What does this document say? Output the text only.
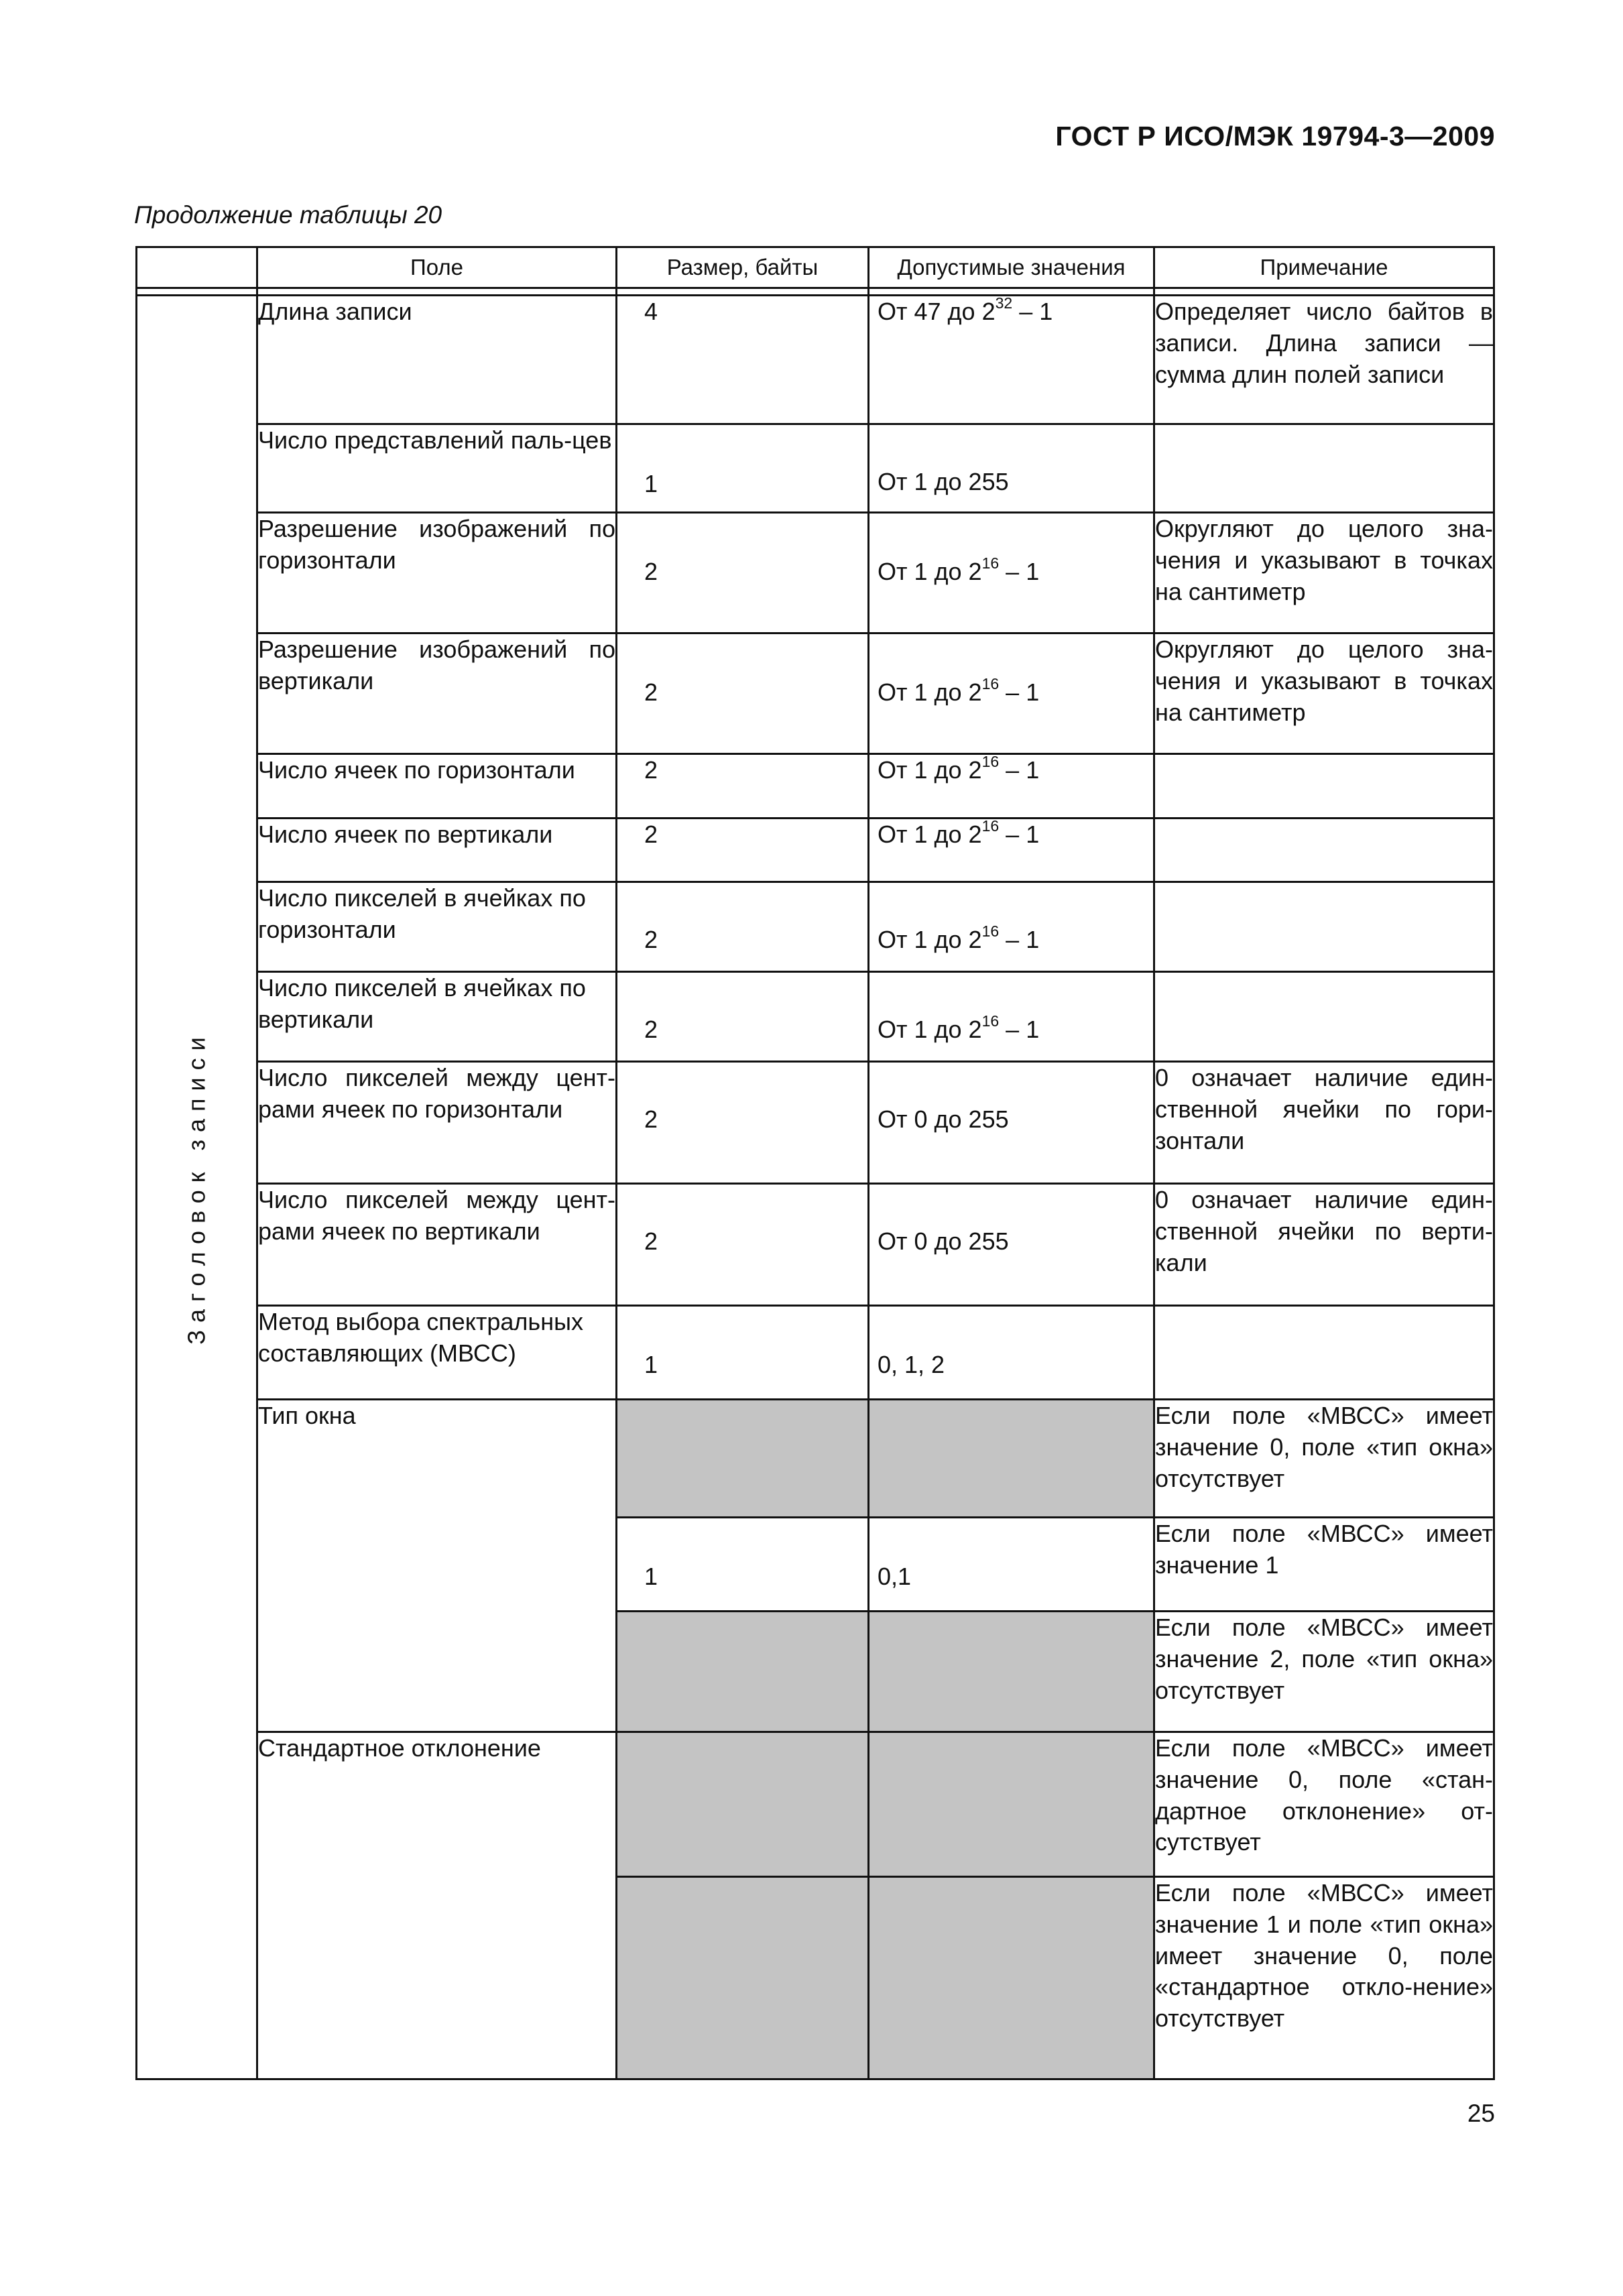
ГОСТ Р ИСО/МЭК 19794-3—2009
Продолжение таблицы 20
	Поле	Размер, байты	Допустимые значения	Примечание

Заголовок записи	Длина записи	4	От 47 до $2^{32} - 1$	Определяет число байтов в записи. Длина записи — сумма длин полей записи
	Число представлений паль-цев	1	От 1 до 255	
	Разрешение изображений по горизонтали	2	От 1 до $2^{16} - 1$	Округляют до целого зна-чения и указывают в точках на сантиметр
	Разрешение изображений по вертикали	2	От 1 до $2^{16} - 1$	Округляют до целого зна-чения и указывают в точках на сантиметр
	Число ячеек по горизонтали	2	От 1 до $2^{16} - 1$	
	Число ячеек по вертикали	2	От 1 до $2^{16} - 1$	
	Число пикселей в ячейках по горизонтали	2	От 1 до $2^{16} - 1$	
	Число пикселей в ячейках по вертикали	2	От 1 до $2^{16} - 1$	
	Число пикселей между цент-рами ячеек по горизонтали	2	От 0 до 255	0 означает наличие един-ственной ячейки по гори-зонтали
	Число пикселей между цент-рами ячеек по вертикали	2	От 0 до 255	0 означает наличие един-ственной ячейки по верти-кали
	Метод выбора спектральных составляющих (МВСС)	1	0, 1, 2	
	Тип окна			Если поле «МВСС» имеет значение 0, поле «тип окна» отсутствует
		1	0,1	Если поле «МВСС» имеет значение 1
				Если поле «МВСС» имеет значение 2, поле «тип окна» отсутствует
	Стандартное отклонение			Если поле «МВСС» имеет значение 0, поле «стан-дартное отклонение» от-сутствует
				Если поле «МВСС» имеет значение 1 и поле «тип окна» имеет значение 0, поле «стандартное откло-нение» отсутствует
25
